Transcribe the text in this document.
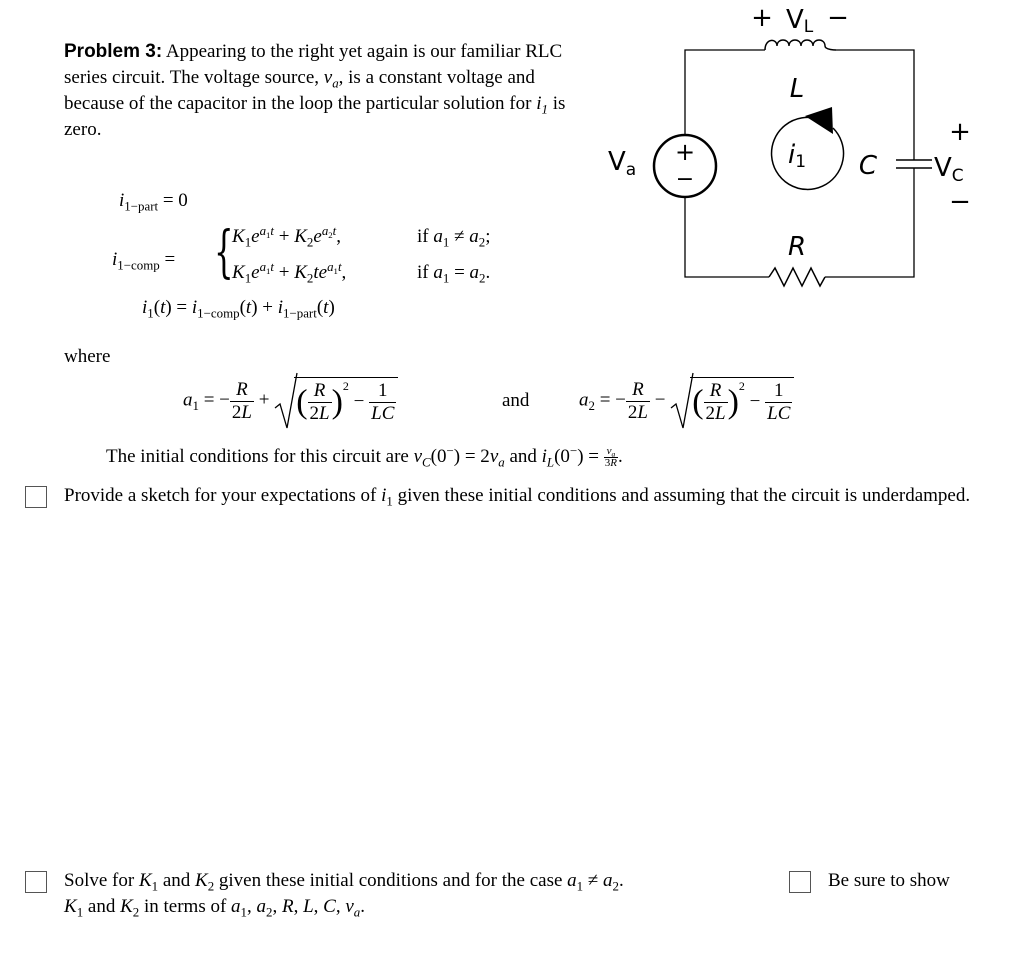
Problem 3: Appearing to the right yet again is our familiar RLC series circuit. The voltage source, $v_a$, is a constant voltage and because of the capacitor in the loop the particular solution for $i_1$ is zero.
$i_{1-part} = 0$
$i_{1-comp}$ = {
$K_1e^{a_1t} + K_2e^{a_2t}$,	if $a_1 \ne a_2$;
$K_1e^{a_1t} + K_2te^{a_1t}$,	if $a_1 = a_2$.
$i_1(t) = i_{1-comp}(t) + i_{1-part}(t)$
where
$a_1$ = − $\frac{R}{2L}$ + ( $\frac{R}{2L} )^2 - \frac{1}{LC}$	and	$a_2$ = − $\frac{R}{2L}$ − ( $\frac{R}{2L} )^2 - \frac{1}{LC}$
The initial conditions for this circuit are $v_C(0^-) = 2v_a$ and $i_L(0^-) = \frac{v_a}{3R}$ .
Provide a sketch for your expectations of $i_1$ given these initial conditions and assuming that the circuit is underdamped.
Solve for $K_1$ and $K_2$ given these initial conditions and for the case $a_1 \ne a_2$.	Be sure to show
$K_1$ and $K_2$ in terms of $a_1$, $a_2$, R, L, C, $v_a$.
+
−
+ VL −
L
Va	i1 C
+
VC
−
R
